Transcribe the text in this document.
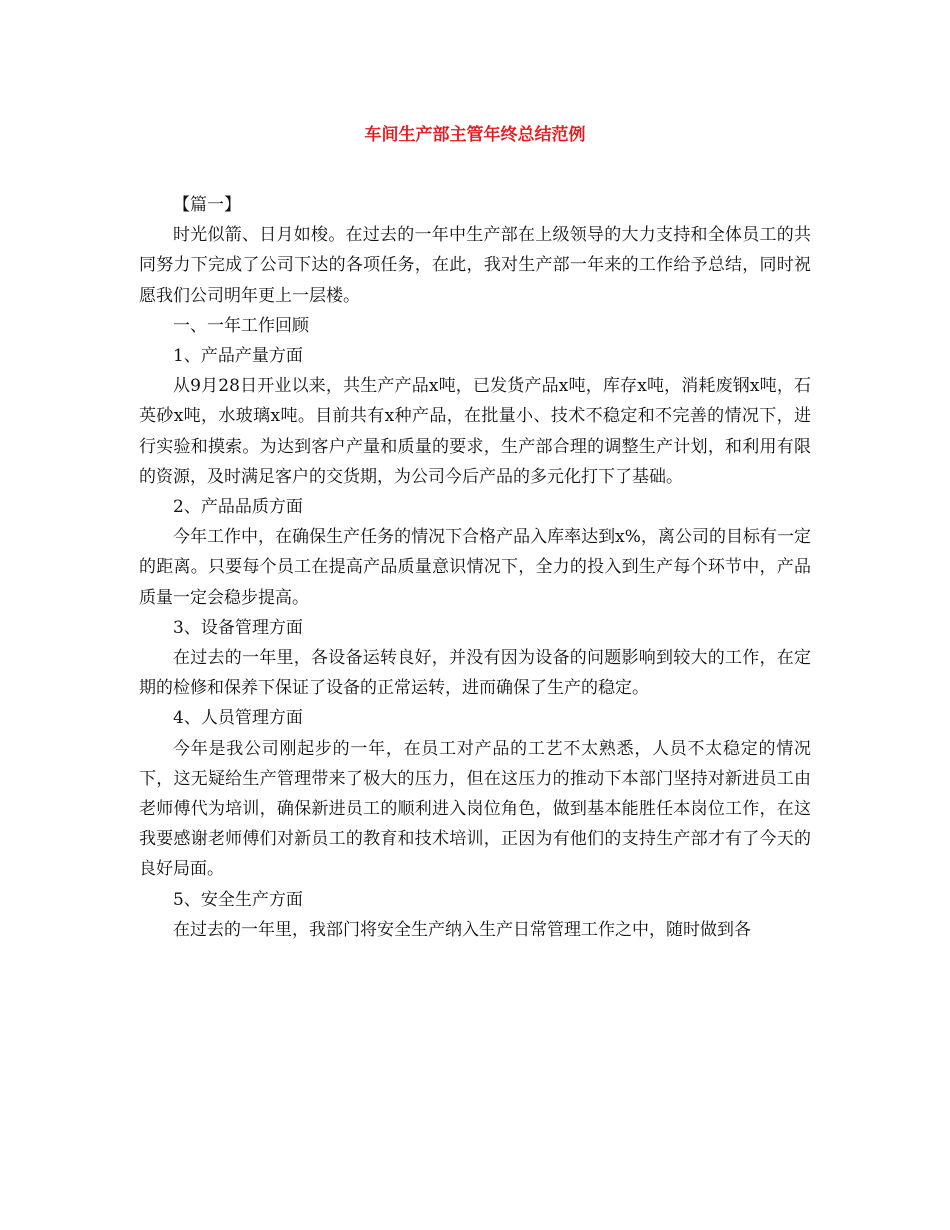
车间生产部主管年终总结范例

【篇一】

时光似箭、日月如梭。在过去的一年中生产部在上级领导的大力支持和全体员工的共同努力下完成了公司下达的各项任务，在此，我对生产部一年来的工作给予总结，同时祝愿我们公司明年更上一层楼。

一、一年工作回顾

1、产品产量方面

从9月28日开业以来，共生产产品x吨，已发货产品x吨，库存x吨，消耗废钢x吨，石英砂x吨，水玻璃x吨。目前共有x种产品，在批量小、技术不稳定和不完善的情况下，进行实验和摸索。为达到客户产量和质量的要求，生产部合理的调整生产计划，和利用有限的资源，及时满足客户的交货期，为公司今后产品的多元化打下了基础。

2、产品品质方面

今年工作中，在确保生产任务的情况下合格产品入库率达到x%，离公司的目标有一定的距离。只要每个员工在提高产品质量意识情况下，全力的投入到生产每个环节中，产品质量一定会稳步提高。

3、设备管理方面

在过去的一年里，各设备运转良好，并没有因为设备的问题影响到较大的工作，在定期的检修和保养下保证了设备的正常运转，进而确保了生产的稳定。

4、人员管理方面

今年是我公司刚起步的一年，在员工对产品的工艺不太熟悉，人员不太稳定的情况下，这无疑给生产管理带来了极大的压力，但在这压力的推动下本部门坚持对新进员工由老师傅代为培训，确保新进员工的顺利进入岗位角色，做到基本能胜任本岗位工作，在这我要感谢老师傅们对新员工的教育和技术培训，正因为有他们的支持生产部才有了今天的良好局面。

5、安全生产方面

在过去的一年里，我部门将安全生产纳入生产日常管理工作之中，随时做到各
